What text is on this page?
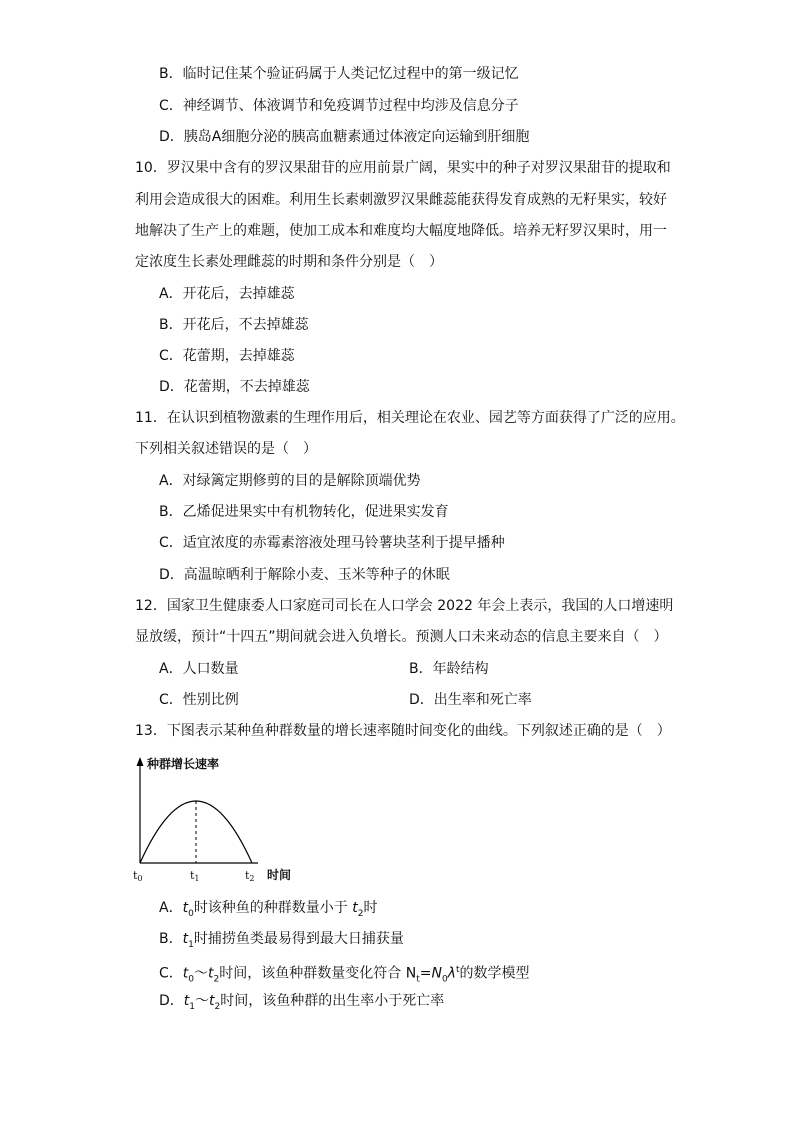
B．临时记住某个验证码属于人类记忆过程中的第一级记忆
C．神经调节、体液调节和免疫调节过程中均涉及信息分子
D．胰岛A细胞分泌的胰高血糖素通过体液定向运输到肝细胞
10．罗汉果中含有的罗汉果甜苷的应用前景广阔，果实中的种子对罗汉果甜苷的提取和
利用会造成很大的困难。利用生长素刺激罗汉果雌蕊能获得发育成熟的无籽果实，较好
地解决了生产上的难题，使加工成本和难度均大幅度地降低。培养无籽罗汉果时，用一
定浓度生长素处理雌蕊的时期和条件分别是（　）
A．开花后，去掉雄蕊
B．开花后，不去掉雄蕊
C．花蕾期，去掉雄蕊
D．花蕾期，不去掉雄蕊
11．在认识到植物激素的生理作用后，相关理论在农业、园艺等方面获得了广泛的应用。
下列相关叙述错误的是（　）
A．对绿篱定期修剪的目的是解除顶端优势
B．乙烯促进果实中有机物转化，促进果实发育
C．适宜浓度的赤霉素溶液处理马铃薯块茎利于提早播种
D．高温晾晒利于解除小麦、玉米等种子的休眠
12．国家卫生健康委人口家庭司司长在人口学会 2022 年会上表示，我国的人口增速明
显放缓，预计“十四五”期间就会进入负增长。预测人口未来动态的信息主要来自（　）
A．人口数量	B．年龄结构
C．性别比例	D．出生率和死亡率
13．下图表示某种鱼种群数量的增长速率随时间变化的曲线。下列叙述正确的是（　）
种群增长速率
时间
t0	t1	t2
A．$t_0$时该种鱼的种群数量小于 $t_2$时
B．$t_1$时捕捞鱼类最易得到最大日捕获量
C．$t_0\sim t_2$时间，该鱼种群数量变化符合 $N_t=N_0\lambda^t$的数学模型
D．$t_1\sim t_2$时间，该鱼种群的出生率小于死亡率
